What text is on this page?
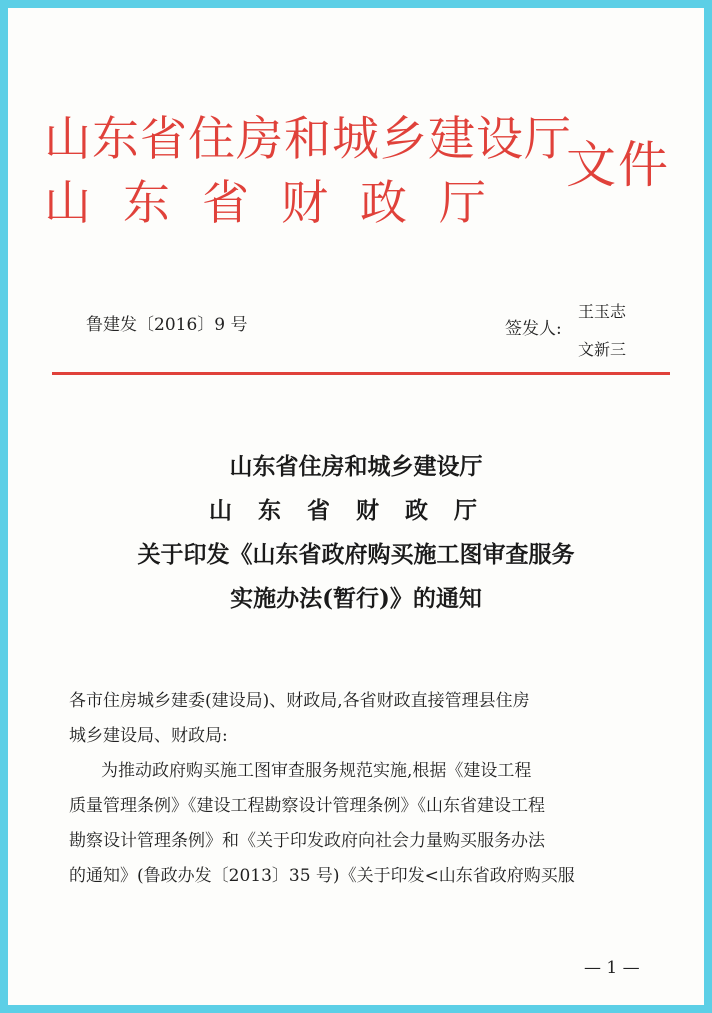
山东省住房和城乡建设厅
山东省财政厅
文件
鲁建发〔2016〕9 号	签发人:
王玉志
文新三
山东省住房和城乡建设厅
山东省财政厅
关于印发《山东省政府购买施工图审查服务
实施办法(暂行)》的通知
各市住房城乡建委(建设局)、财政局,各省财政直接管理县住房
城乡建设局、财政局:
为推动政府购买施工图审查服务规范实施,根据《建设工程
质量管理条例》《建设工程勘察设计管理条例》《山东省建设工程
勘察设计管理条例》和《关于印发政府向社会力量购买服务办法
的通知》(鲁政办发〔2013〕35 号)《关于印发<山东省政府购买服
— 1 —
